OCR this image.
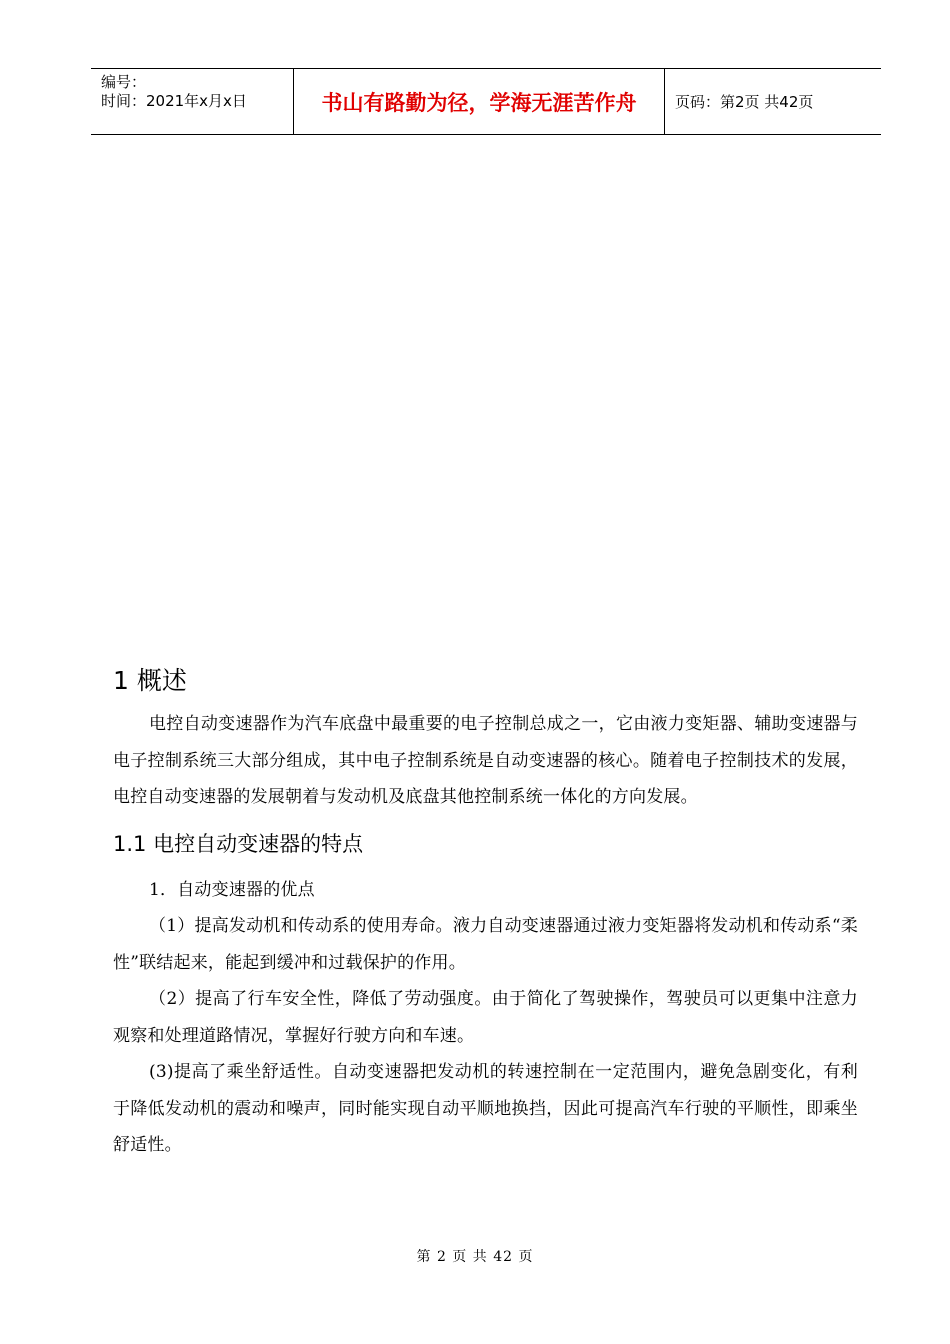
编号：
时间：2021年x月x日	书山有路勤为径，学海无涯苦作舟	页码：第2页 共42页
1 概述

电控自动变速器作为汽车底盘中最重要的电子控制总成之一，它由液力变矩器、辅助变速器与电子控制系统三大部分组成，其中电子控制系统是自动变速器的核心。随着电子控制技术的发展，电控自动变速器的发展朝着与发动机及底盘其他控制系统一体化的方向发展。

1.1 电控自动变速器的特点

1．自动变速器的优点

（1）提高发动机和传动系的使用寿命。液力自动变速器通过液力变矩器将发动机和传动系“柔性”联结起来，能起到缓冲和过载保护的作用。

（2）提高了行车安全性，降低了劳动强度。由于简化了驾驶操作，驾驶员可以更集中注意力观察和处理道路情况，掌握好行驶方向和车速。

(3)提高了乘坐舒适性。自动变速器把发动机的转速控制在一定范围内，避免急剧变化，有利于降低发动机的震动和噪声，同时能实现自动平顺地换挡，因此可提高汽车行驶的平顺性，即乘坐舒适性。

第 2 页 共 42 页
